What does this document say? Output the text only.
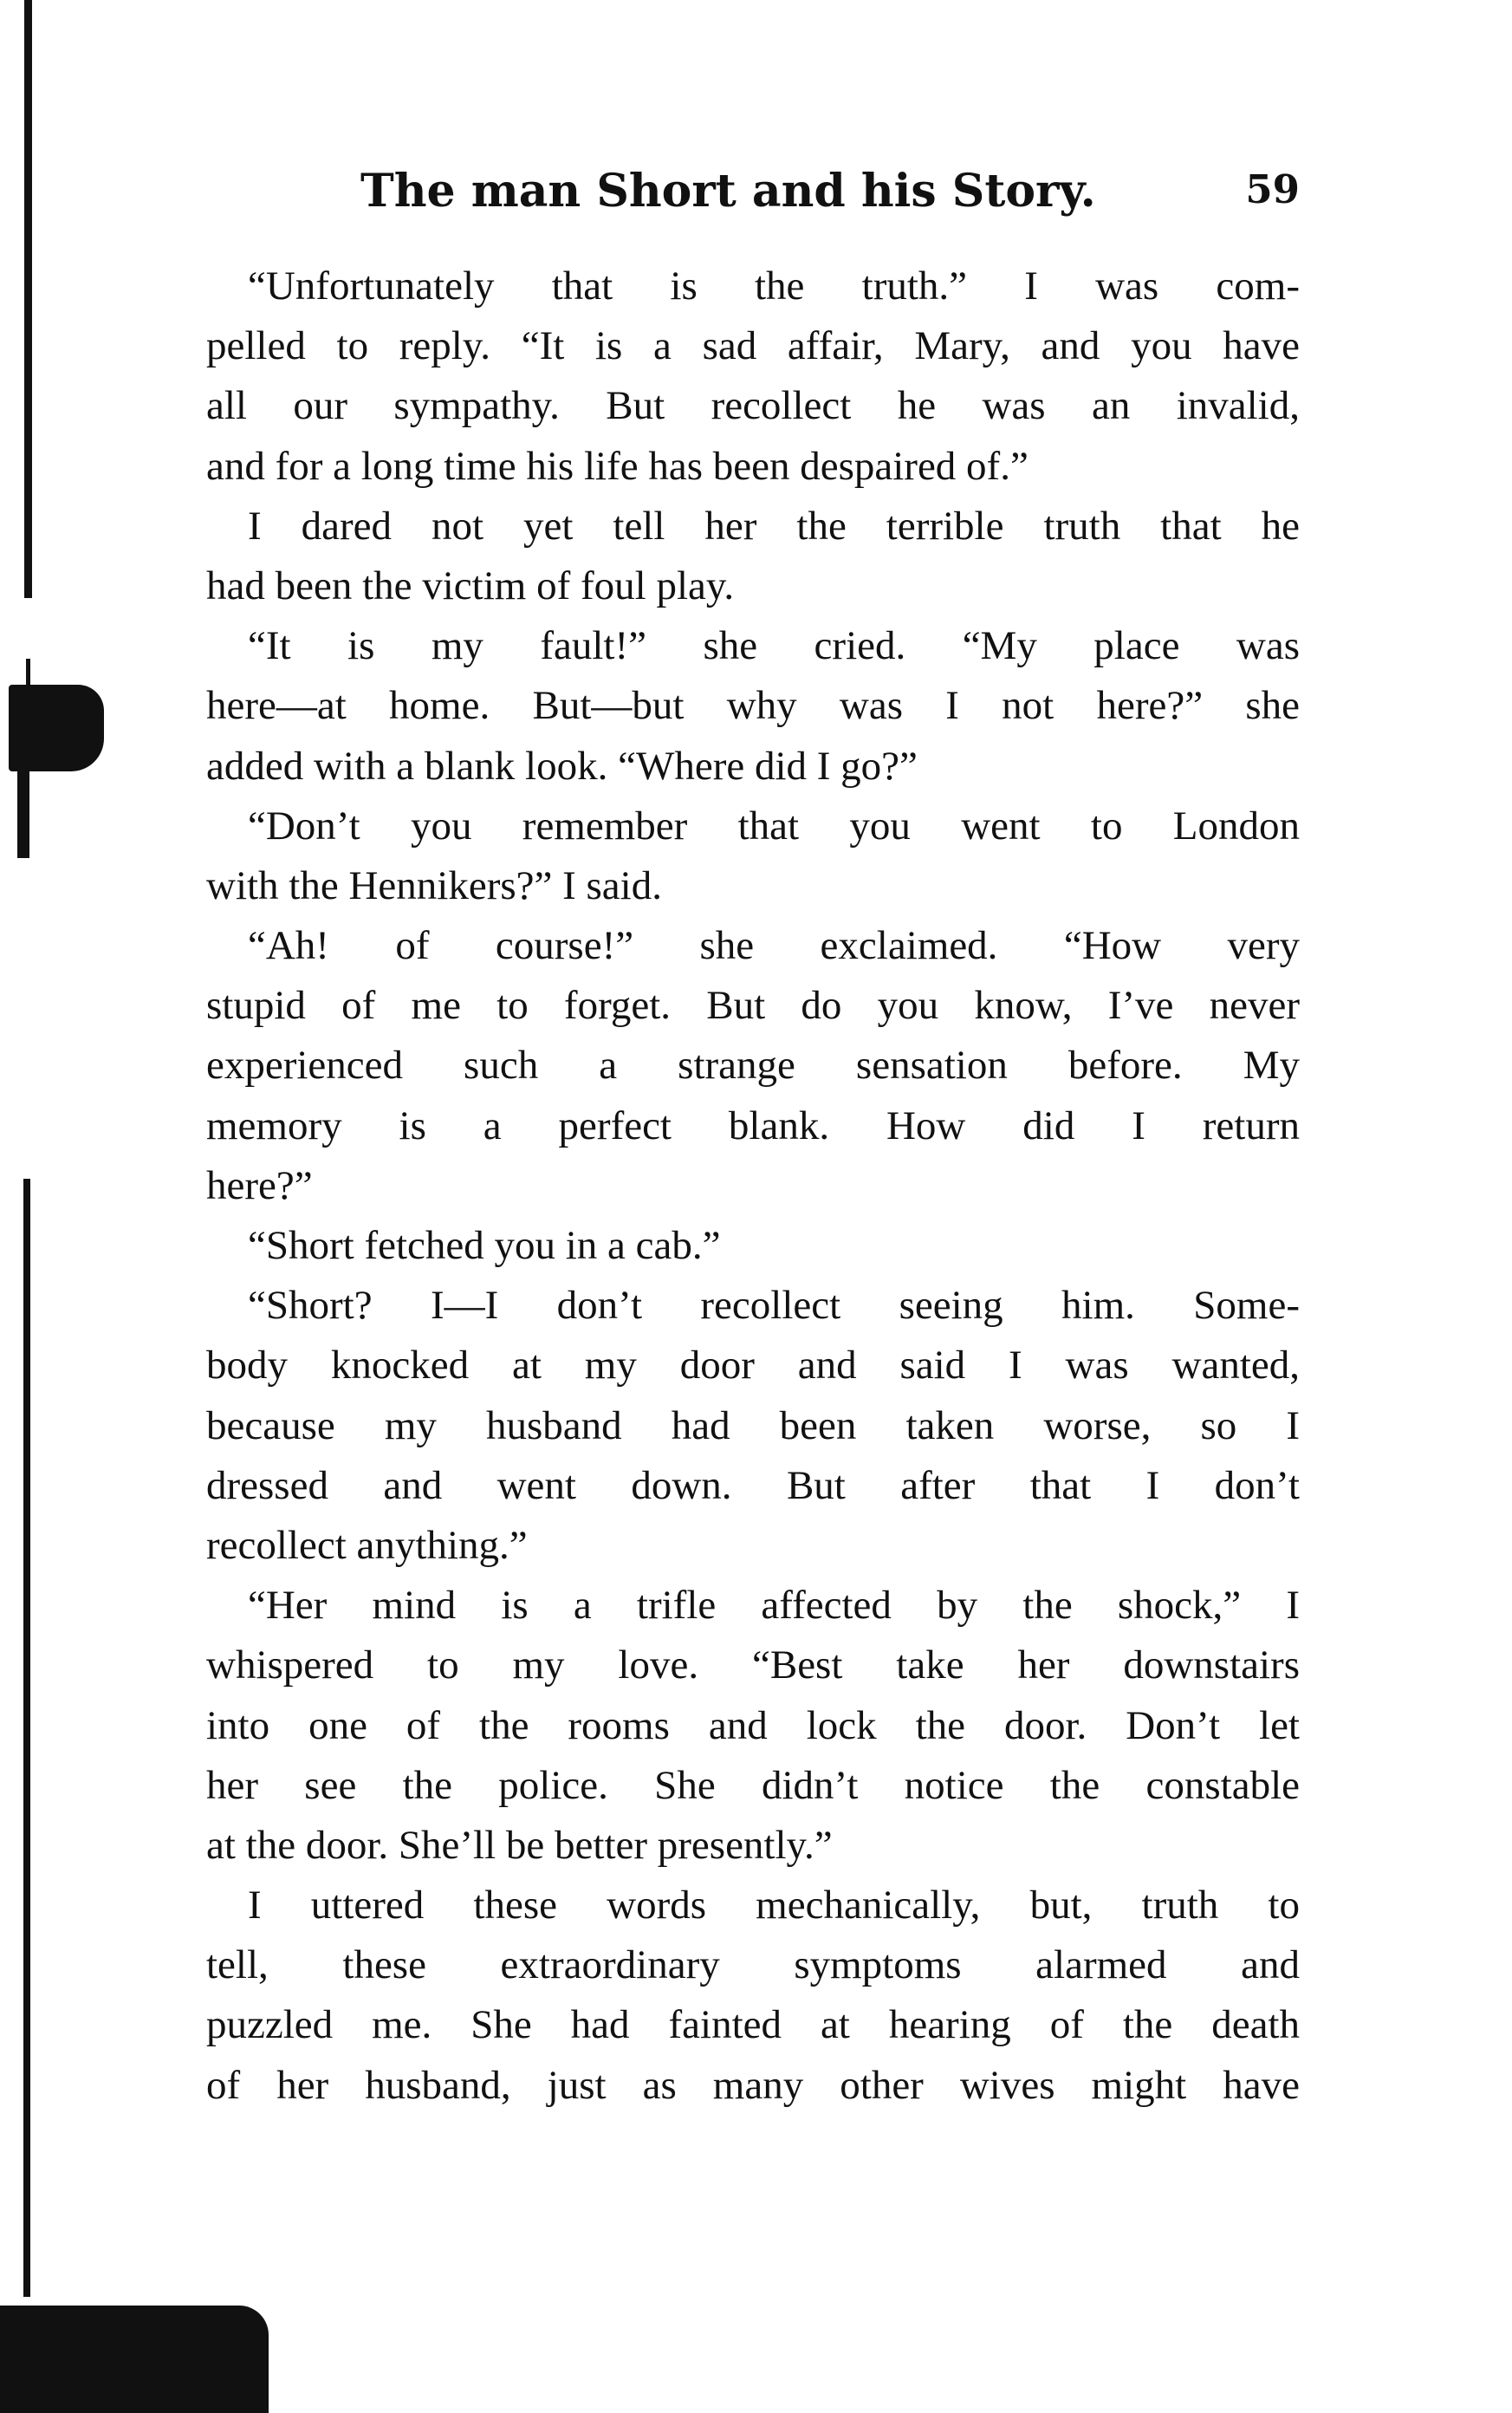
The man Short and his Story.	59
“Unfortunately that is the truth.” I was com-
pelled to reply. “It is a sad affair, Mary, and you have
all our sympathy. But recollect he was an invalid,
and for a long time his life has been despaired of.”
I dared not yet tell her the terrible truth that he
had been the victim of foul play.
“It is my fault!” she cried. “My place was
here—at home. But—but why was I not here?” she
added with a blank look. “Where did I go?”
“Don’t you remember that you went to London
with the Hennikers?” I said.
“Ah! of course!” she exclaimed. “How very
stupid of me to forget. But do you know, I’ve never
experienced such a strange sensation before. My
memory is a perfect blank. How did I return
here?”
“Short fetched you in a cab.”
“Short? I—I don’t recollect seeing him. Some-
body knocked at my door and said I was wanted,
because my husband had been taken worse, so I
dressed and went down. But after that I don’t
recollect anything.”
“Her mind is a trifle affected by the shock,” I
whispered to my love. “Best take her downstairs
into one of the rooms and lock the door. Don’t let
her see the police. She didn’t notice the constable
at the door. She’ll be better presently.”
I uttered these words mechanically, but, truth to
tell, these extraordinary symptoms alarmed and
puzzled me. She had fainted at hearing of the death
of her husband, just as many other wives might have
